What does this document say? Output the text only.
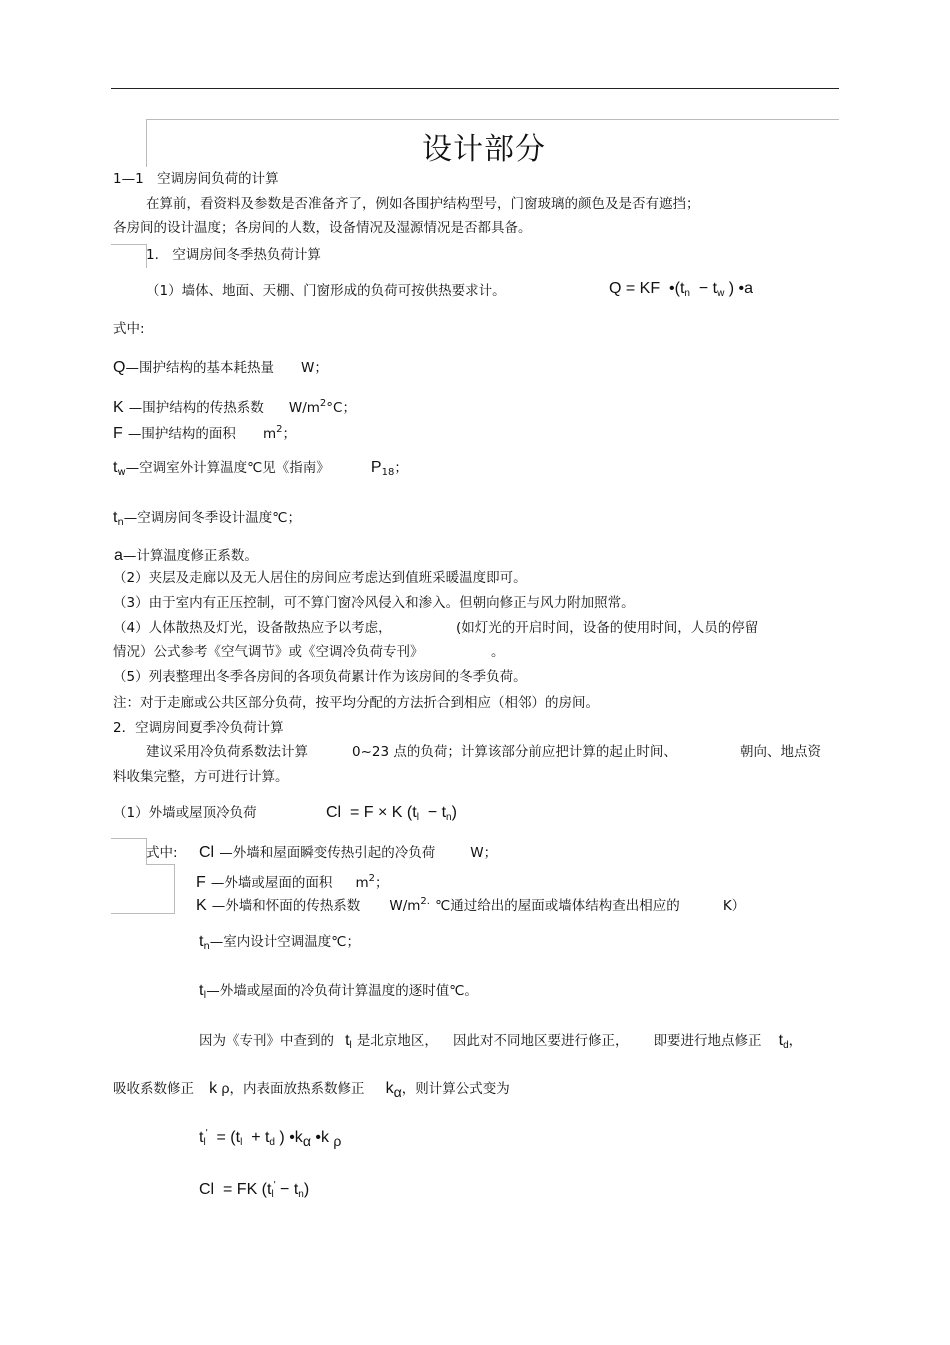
设计部分
1—1　空调房间负荷的计算
在算前，看资料及参数是否准备齐了，例如各围护结构型号，门窗玻璃的颜色及是否有遮挡；
各房间的设计温度；各房间的人数，设备情况及湿源情况是否都具备。
1.　空调房间冬季热负荷计算
（1）墙体、地面、天棚、门窗形成的负荷可按供热要求计。	Q = KF  $•(t_n - t_w$ ) •a
式中:
Q—围护结构的基本耗热量 W；
K —围护结构的传热系数 $W/m^2^\circ C$；
F —围护结构的面积 $m^2$；
$t_w—$空调室外计算温度℃见《指南》	$P_{18}$；
$t_n—$空调房间冬季设计温度℃；
a—计算温度修正系数。
（2）夹层及走廊以及无人居住的房间应考虑达到值班采暖温度即可。
（3）由于室内有正压控制，可不算门窗冷风侵入和渗入。但朝向修正与风力附加照常。
（4）人体散热及灯光，设备散热应予以考虑，	(如灯光的开启时间，设备的使用时间，人员的停留
情况）公式参考《空气调节》或《空调冷负荷专刊》	。
（5）列表整理出冬季各房间的各项负荷累计作为该房间的冬季负荷。
注：对于走廊或公共区部分负荷，按平均分配的方法折合到相应（相邻）的房间。
2．空调房间夏季冷负荷计算
建议采用冷负荷系数法计算	0~23 点的负荷；计算该部分前应把计算的起止时间、	朝向、地点资
料收集完整，方可进行计算。
（1）外墙或屋顶冷负荷	Cl  = F × K $(t_l - t_n)$
式中: Cl —外墙和屋面瞬变传热引起的冷负荷	W；
F —外墙或屋面的面积 $m^2$；
K —外墙和怀面的传热系数 $W/m^{2.}$ ℃通过给出的屋面或墙体结构查出相应的	K）
$t_n—$室内设计空调温度℃；
$t_l—$外墙或屋面的冷负荷计算温度的逐时值℃。
因为《专刊》中查到的 $t_l$ 是北京地区， 因此对不同地区要进行修正， 即要进行地点修正 $t_d$，
吸收系数修正 k ρ，内表面放热系数修正 kα，则计算公式变为
$t_l' = (t_l + t_d$ ) •kα •k ρ
Cl  = FK $(t_l' - t_n)$
